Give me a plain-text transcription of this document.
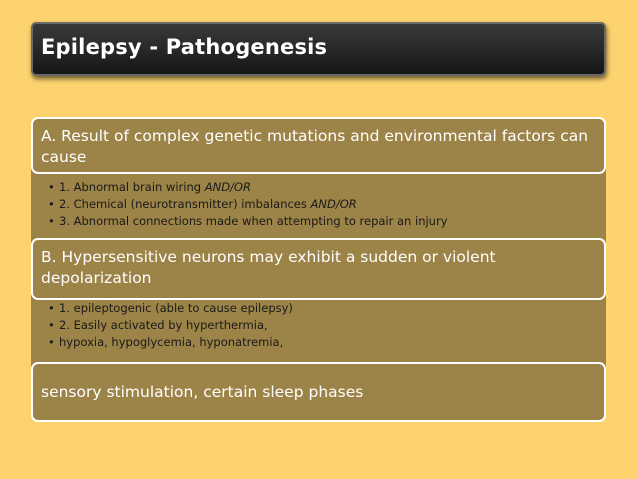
Epilepsy - Pathogenesis
• 1. Abnormal brain wiring AND/OR
• 2. Chemical (neurotransmitter) imbalances AND/OR
• 3. Abnormal connections made when attempting to repair an injury
• 1. epileptogenic (able to cause epilepsy)
• 2. Easily activated by hyperthermia,
• hypoxia, hypoglycemia, hyponatremia,
A. Result of complex genetic mutations and environmental factors can cause
B. Hypersensitive neurons may exhibit a sudden or violent depolarization
sensory stimulation, certain sleep phases
